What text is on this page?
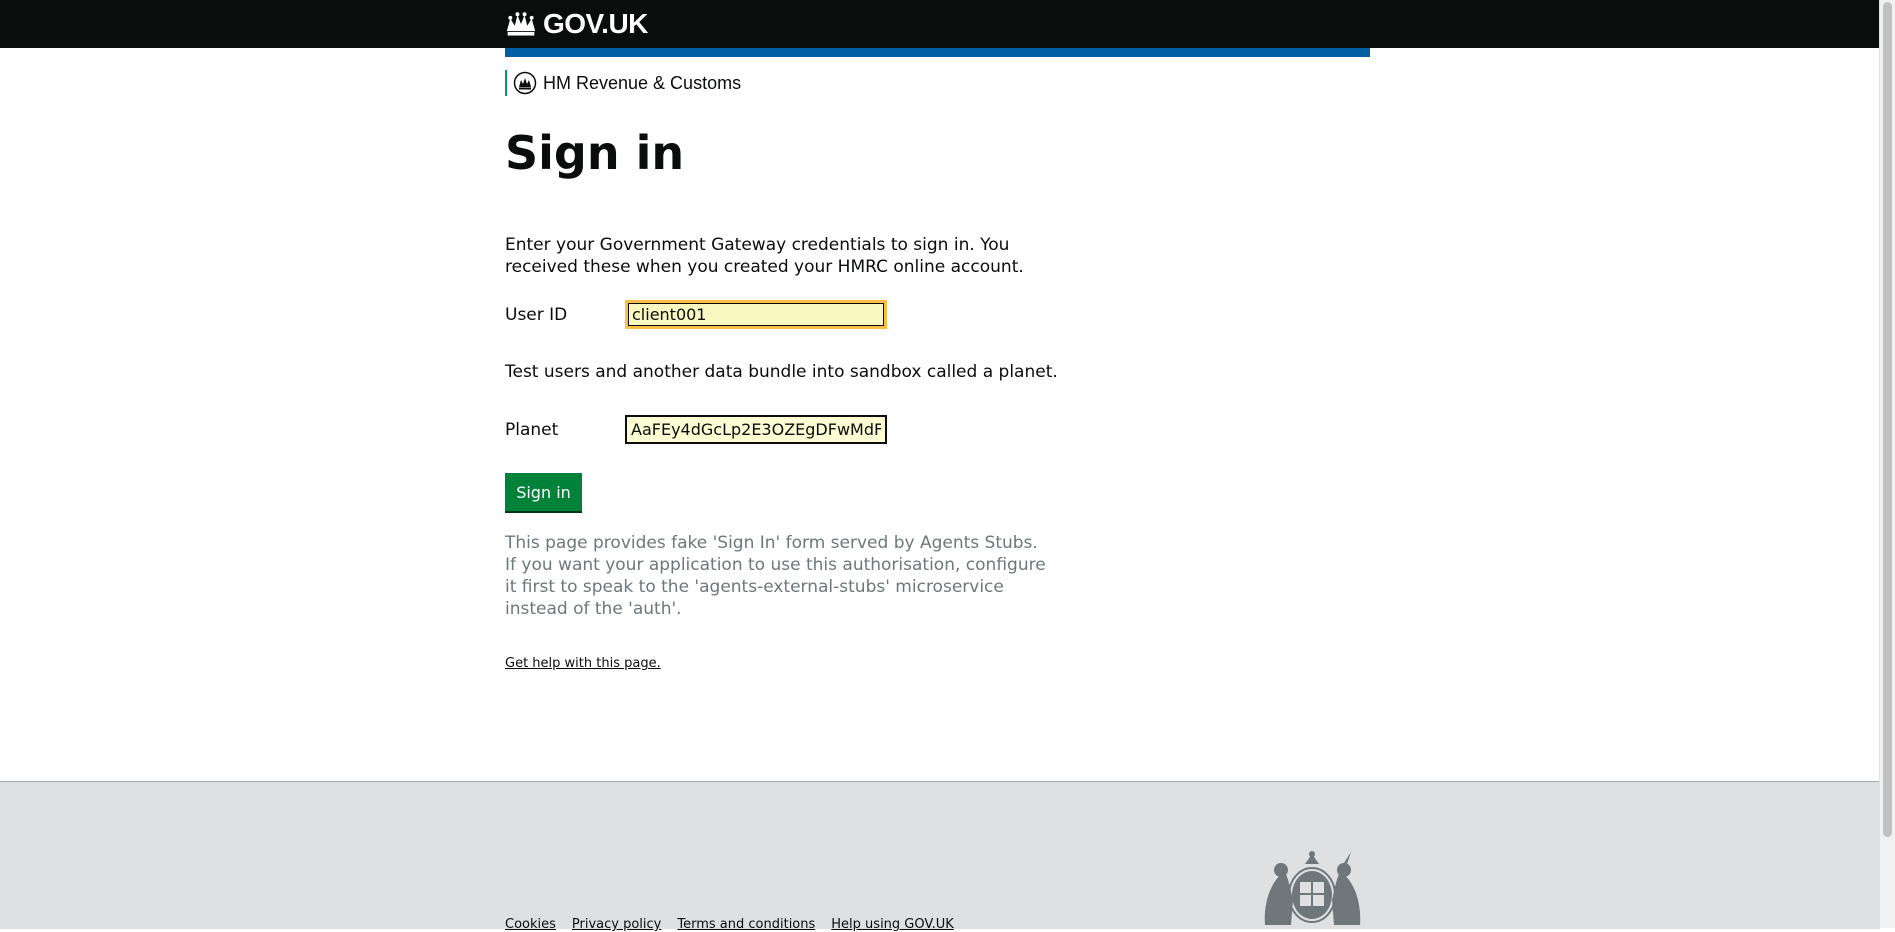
GOV.UK
HM Revenue & Customs
Sign in

Enter your Government Gateway credentials to sign in. You received these when you created your HMRC online account.

User ID
client001

Test users and another data bundle into sandbox called a planet.

Planet
AaFEy4dGcLp2E3OZEgDFwMdFuv
Sign in

This page provides fake 'Sign In' form served by Agents Stubs. If you want your application to use this authorisation, configure it first to speak to the 'agents-external-stubs' microservice instead of the 'auth'.

Get help with this page.
Cookies Privacy policy Terms and conditions Help using GOV.UK
